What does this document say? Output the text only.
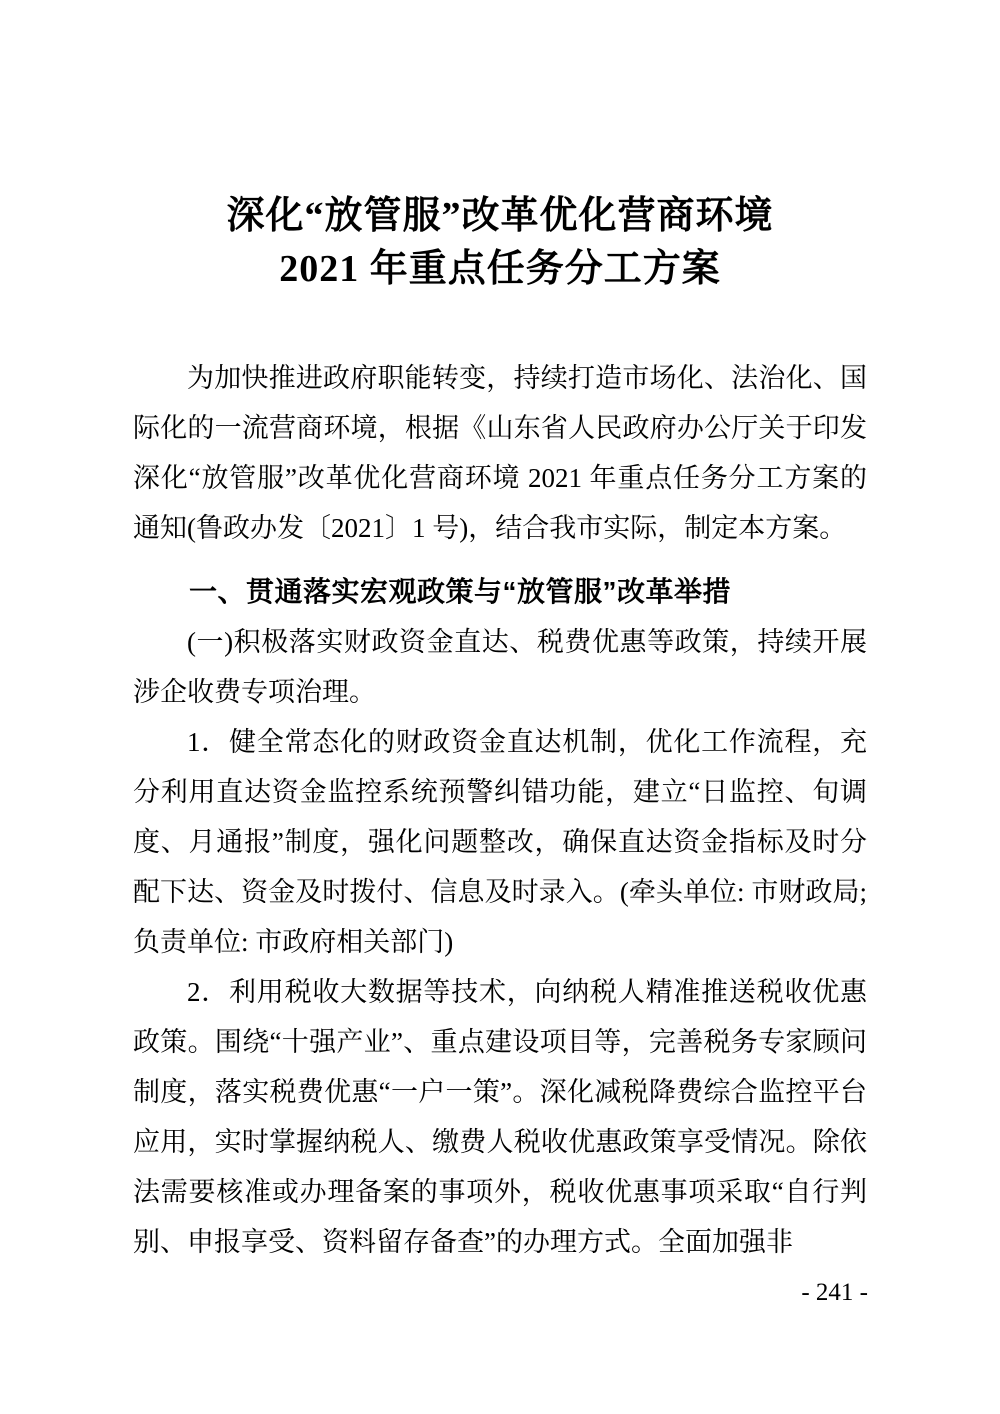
深化“放管服”改革优化营商环境
2021 年重点任务分工方案

为加快推进政府职能转变，持续打造市场化、法治化、国际化的一流营商环境，根据《山东省人民政府办公厅关于印发深化“放管服”改革优化营商环境 2021 年重点任务分工方案的通知(鲁政办发〔2021〕1 号)，结合我市实际，制定本方案。

一、贯通落实宏观政策与“放管服”改革举措

(一)积极落实财政资金直达、税费优惠等政策，持续开展涉企收费专项治理。

1．健全常态化的财政资金直达机制，优化工作流程，充分利用直达资金监控系统预警纠错功能，建立“日监控、旬调度、月通报”制度，强化问题整改，确保直达资金指标及时分配下达、资金及时拨付、信息及时录入。(牵头单位: 市财政局; 负责单位: 市政府相关部门)

2．利用税收大数据等技术，向纳税人精准推送税收优惠政策。围绕“十强产业”、重点建设项目等，完善税务专家顾问制度，落实税费优惠“一户一策”。深化减税降费综合监控平台应用，实时掌握纳税人、缴费人税收优惠政策享受情况。除依法需要核准或办理备案的事项外，税收优惠事项采取“自行判别、申报享受、资料留存备查”的办理方式。全面加强非

- 241 -
